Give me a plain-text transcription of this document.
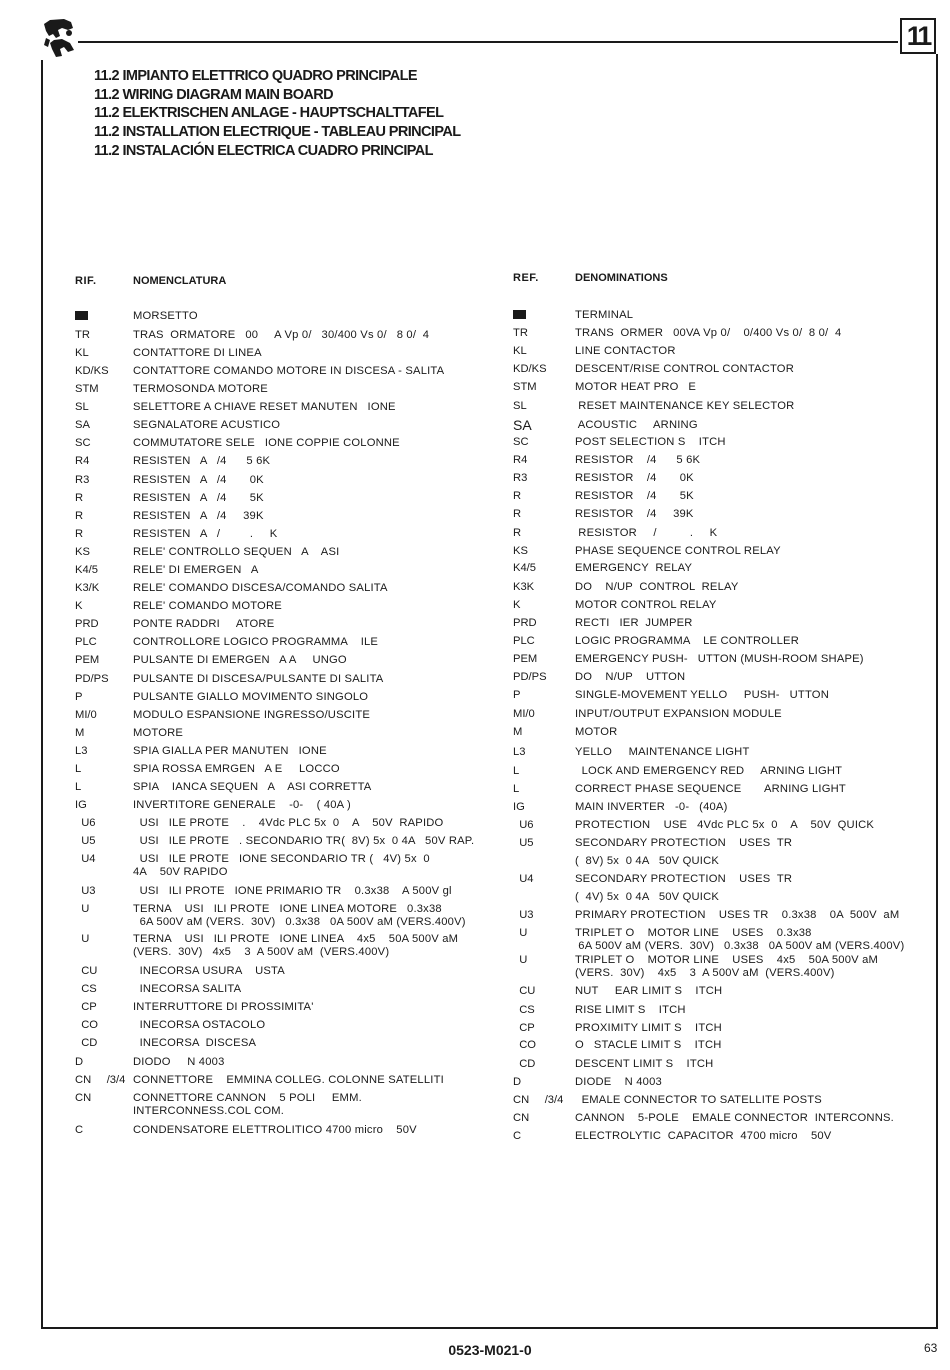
11
11.2 IMPIANTO ELETTRICO QUADRO PRINCIPALE
11.2 WIRING DIAGRAM MAIN BOARD
11.2 ELEKTRISCHEN ANLAGE - HAUPTSCHALTTAFEL
11.2 INSTALLATION ELECTRIQUE - TABLEAU PRINCIPAL
11.2 INSTALACIÓN ELECTRICA CUADRO PRINCIPAL
RIF.	NOMENCLATURA	REF.	DENOMINATIONS
MORSETTO
TR	TRAS  ORMATORE   00     A Vp 0/   30/400 Vs 0/   8 0/  4
KL	CONTATTORE DI LINEA
KD/KS CONTATTORE COMANDO MOTORE IN DISCESA - SALITA
STM	TERMOSONDA MOTORE
SL	SELETTORE A CHIAVE RESET MANUTEN   IONE
SA	SEGNALATORE ACUSTICO
SC	COMMUTATORE SELE   IONE COPPIE COLONNE
R4	RESISTEN   A   /4      5 6K
R3	RESISTEN   A   /4       0K
R	RESISTEN   A   /4       5K
R	RESISTEN   A   /4     39K
R	RESISTEN   A   /         .     K
KS	RELE' CONTROLLO SEQUEN   A    ASI
K4/5	RELE' DI EMERGEN   A
K3/K	RELE' COMANDO DISCESA/COMANDO SALITA
K	RELE' COMANDO MOTORE
PRD	PONTE RADDRI     ATORE
PLC	CONTROLLORE LOGICO PROGRAMMA    ILE
PEM	PULSANTE DI EMERGEN   A A     UNGO
PD/PS PULSANTE DI DISCESA/PULSANTE DI SALITA
P	PULSANTE GIALLO MOVIMENTO SINGOLO
MI/0	MODULO ESPANSIONE INGRESSO/USCITE
M	MOTORE
L3	SPIA GIALLA PER MANUTEN   IONE
L	SPIA ROSSA EMRGEN   A E     LOCCO
L	SPIA    IANCA SEQUEN   A    ASI CORRETTA
IG	INVERTITORE GENERALE    -0-    ( 40A )
U6	USI   ILE PROTE    .    4Vdc PLC 5x  0    A    50V  RAPIDO
U5	USI   ILE PROTE   . SECONDARIO TR(  8V) 5x  0 4A   50V RAP.
U4	USI   ILE PROTE   IONE SECONDARIO TR (   4V) 5x  0
4A    50V RAPIDO
U3	USI   ILI PROTE   IONE PRIMARIO TR    0.3x38    A 500V gl
U	TERNA    USI   ILI PROTE   IONE LINEA MOTORE   0.3x38
6A 500V aM (VERS.  30V)   0.3x38   0A 500V aM (VERS.400V)
U	TERNA    USI   ILI PROTE   IONE LINEA    4x5    50A 500V aM
(VERS.  30V)   4x5    3  A 500V aM  (VERS.400V)
CU	INECORSA USURA    USTA
CS	INECORSA SALITA
CP	INTERRUTTORE DI PROSSIMITA'
CO	INECORSA OSTACOLO
CD	INECORSA  DISCESA
D	DIODO     N 4003
CN     /3/4 CONNETTORE    EMMINA COLLEG. COLONNE SATELLITI
CN	CONNETTORE CANNON    5 POLI     EMM.
INTERCONNESS.COL COM.
C	CONDENSATORE ELETTROLITICO 4700 micro    50V
TERMINAL
TR	TRANS  ORMER   00VA Vp 0/    0/400 Vs 0/  8 0/  4
KL	LINE CONTACTOR
KD/KS	DESCENT/RISE CONTROL CONTACTOR
STM	MOTOR HEAT PRO   E
SL	RESET MAINTENANCE KEY SELECTOR
SA	ACOUSTIC     ARNING
SC	POST SELECTION S    ITCH
R4	RESISTOR    /4      5 6K
R3	RESISTOR    /4       0K
R	RESISTOR    /4       5K
R	RESISTOR    /4     39K
R	RESISTOR     /          .     K
KS	PHASE SEQUENCE CONTROL RELAY
K4/5	EMERGENCY  RELAY
K3K	DO    N/UP  CONTROL  RELAY
K	MOTOR CONTROL RELAY
PRD	RECTI   IER  JUMPER
PLC	LOGIC PROGRAMMA    LE CONTROLLER
PEM	EMERGENCY PUSH-   UTTON (MUSH-ROOM SHAPE)
PD/PS	DO    N/UP    UTTON
P	SINGLE-MOVEMENT YELLO     PUSH-   UTTON
MI/0	INPUT/OUTPUT EXPANSION MODULE
M	MOTOR
L3	YELLO     MAINTENANCE LIGHT
L	LOCK AND EMERGENCY RED     ARNING LIGHT
L	CORRECT PHASE SEQUENCE       ARNING LIGHT
IG	MAIN INVERTER   -0-   (40A)
U6	PROTECTION    USE   4Vdc PLC 5x  0    A    50V  QUICK
U5	SECONDARY PROTECTION    USES  TR
(  8V) 5x  0 4A   50V QUICK
U4	SECONDARY PROTECTION    USES  TR
(  4V) 5x  0 4A   50V QUICK
U3	PRIMARY PROTECTION    USES TR    0.3x38    0A  500V  aM
U	TRIPLET O    MOTOR LINE    USES    0.3x38
6A 500V aM (VERS.  30V)   0.3x38   0A 500V aM (VERS.400V)
U	TRIPLET O    MOTOR LINE    USES    4x5    50A 500V aM
(VERS.  30V)    4x5    3  A 500V aM  (VERS.400V)
CU	NUT     EAR LIMIT S    ITCH
CS	RISE LIMIT S    ITCH
CP	PROXIMITY LIMIT S    ITCH
CO	O   STACLE LIMIT S    ITCH
CD	DESCENT LIMIT S    ITCH
D	DIODE    N 4003
CN     /3/4 EMALE CONNECTOR TO SATELLITE POSTS
CN	CANNON    5-POLE    EMALE CONNECTOR  INTERCONNS.
C	ELECTROLYTIC  CAPACITOR  4700 micro    50V
0523-M021-0	63
